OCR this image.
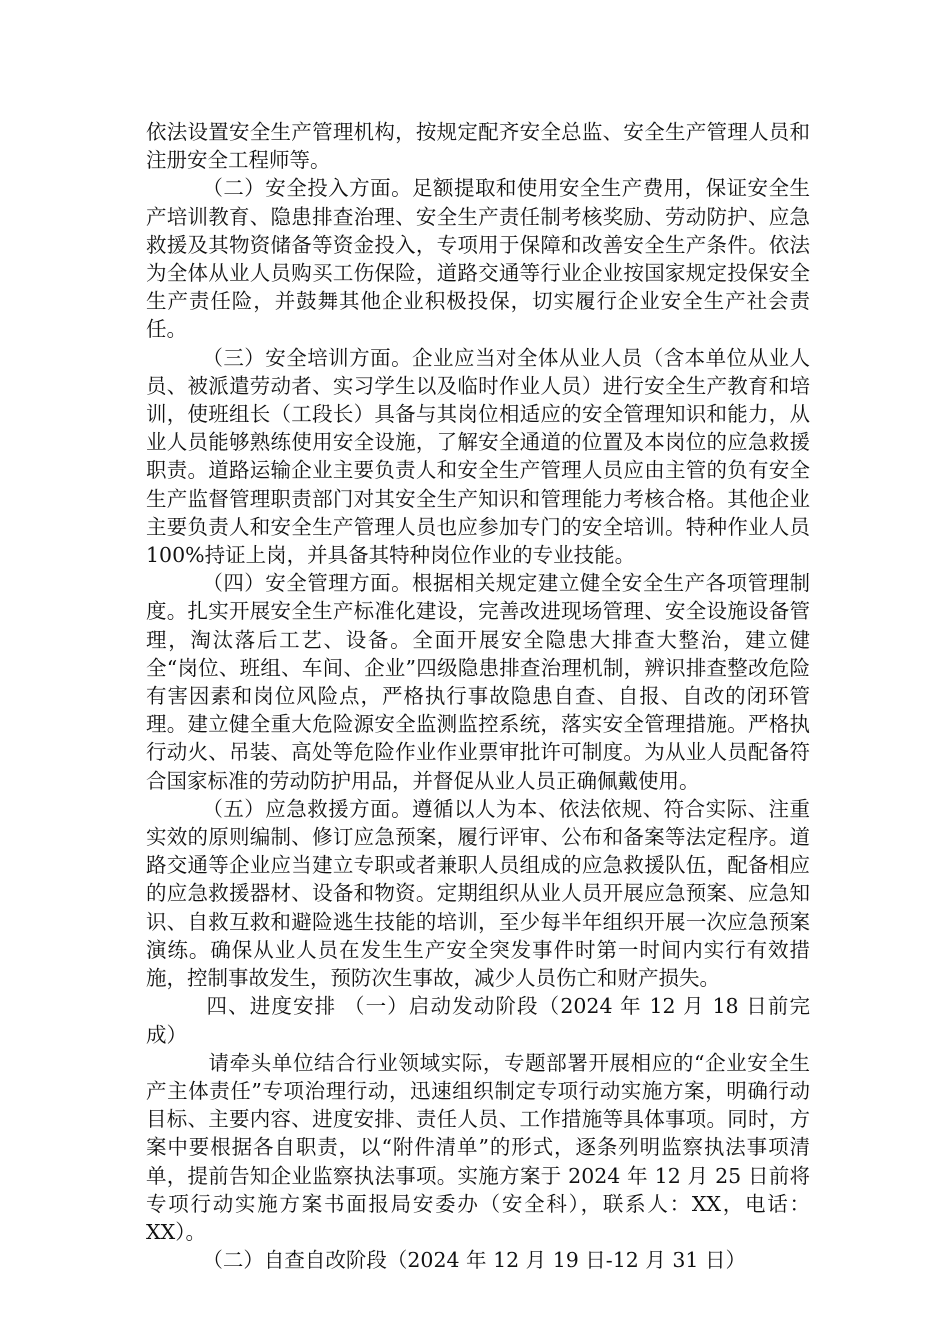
依法设置安全生产管理机构，按规定配齐安全总监、安全生产管理人员和注册安全工程师等。

（二）安全投入方面。足额提取和使用安全生产费用，保证安全生产培训教育、隐患排查治理、安全生产责任制考核奖励、劳动防护、应急救援及其物资储备等资金投入，专项用于保障和改善安全生产条件。依法为全体从业人员购买工伤保险，道路交通等行业企业按国家规定投保安全生产责任险，并鼓舞其他企业积极投保，切实履行企业安全生产社会责任。

（三）安全培训方面。企业应当对全体从业人员（含本单位从业人员、被派遣劳动者、实习学生以及临时作业人员）进行安全生产教育和培训，使班组长（工段长）具备与其岗位相适应的安全管理知识和能力，从业人员能够熟练使用安全设施，了解安全通道的位置及本岗位的应急救援职责。道路运输企业主要负责人和安全生产管理人员应由主管的负有安全生产监督管理职责部门对其安全生产知识和管理能力考核合格。其他企业主要负责人和安全生产管理人员也应参加专门的安全培训。特种作业人员 100%持证上岗，并具备其特种岗位作业的专业技能。

（四）安全管理方面。根据相关规定建立健全安全生产各项管理制度。扎实开展安全生产标准化建设，完善改进现场管理、安全设施设备管理，淘汰落后工艺、设备。全面开展安全隐患大排查大整治，建立健全“岗位、班组、车间、企业”四级隐患排查治理机制，辨识排查整改危险有害因素和岗位风险点，严格执行事故隐患自查、自报、自改的闭环管理。建立健全重大危险源安全监测监控系统，落实安全管理措施。严格执行动火、吊装、高处等危险作业作业票审批许可制度。为从业人员配备符合国家标准的劳动防护用品，并督促从业人员正确佩戴使用。

（五）应急救援方面。遵循以人为本、依法依规、符合实际、注重实效的原则编制、修订应急预案，履行评审、公布和备案等法定程序。道路交通等企业应当建立专职或者兼职人员组成的应急救援队伍，配备相应的应急救援器材、设备和物资。定期组织从业人员开展应急预案、应急知识、自救互救和避险逃生技能的培训，至少每半年组织开展一次应急预案演练。确保从业人员在发生生产安全突发事件时第一时间内实行有效措施，控制事故发生，预防次生事故，减少人员伤亡和财产损失。

四、进度安排 （一）启动发动阶段（2024 年 12 月 18 日前完成）

请牵头单位结合行业领域实际，专题部署开展相应的“企业安全生产主体责任”专项治理行动，迅速组织制定专项行动实施方案，明确行动目标、主要内容、进度安排、责任人员、工作措施等具体事项。同时，方案中要根据各自职责，以“附件清单”的形式，逐条列明监察执法事项清单，提前告知企业监察执法事项。实施方案于 2024 年 12 月 25 日前将专项行动实施方案书面报局安委办（安全科），联系人：XX，电话：XX）。

（二）自查自改阶段（2024 年 12 月 19 日-12 月 31 日）
